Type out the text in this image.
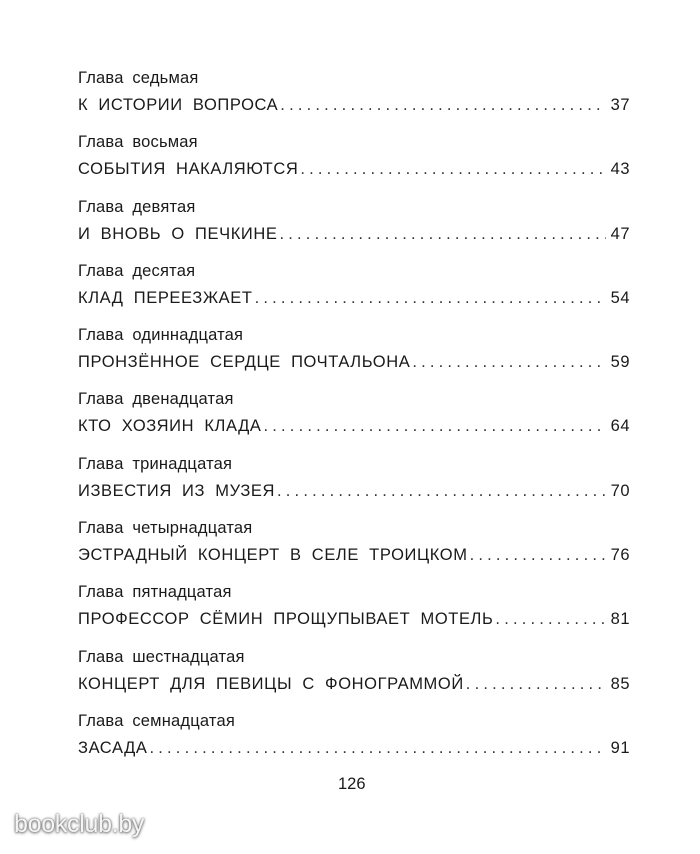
Глава седьмая
К ИСТОРИИ ВОПРОСА . . .	37
Глава восьмая
СОБЫТИЯ НАКАЛЯЮТСЯ . . .	43
Глава девятая
И ВНОВЬ О ПЕЧКИНЕ . . .	47
Глава десятая
КЛАД ПЕРЕЕЗЖАЕТ . . .	54
Глава одиннадцатая
ПРОНЗЁННОЕ СЕРДЦЕ ПОЧТАЛЬОНА . . .	59
Глава двенадцатая
КТО ХОЗЯИН КЛАДА . . .	64
Глава тринадцатая
ИЗВЕСТИЯ ИЗ МУЗЕЯ . . .	70
Глава четырнадцатая
ЭСТРАДНЫЙ КОНЦЕРТ В СЕЛЕ ТРОИЦКОМ . . .	76
Глава пятнадцатая
ПРОФЕССОР СЁМИН ПРОЩУПЫВАЕТ МОТЕЛЬ . . .	81
Глава шестнадцатая
КОНЦЕРТ ДЛЯ ПЕВИЦЫ С ФОНОГРАММОЙ . . .	85
Глава семнадцатая
ЗАСАДА . . .	91
126
bookclub.by
